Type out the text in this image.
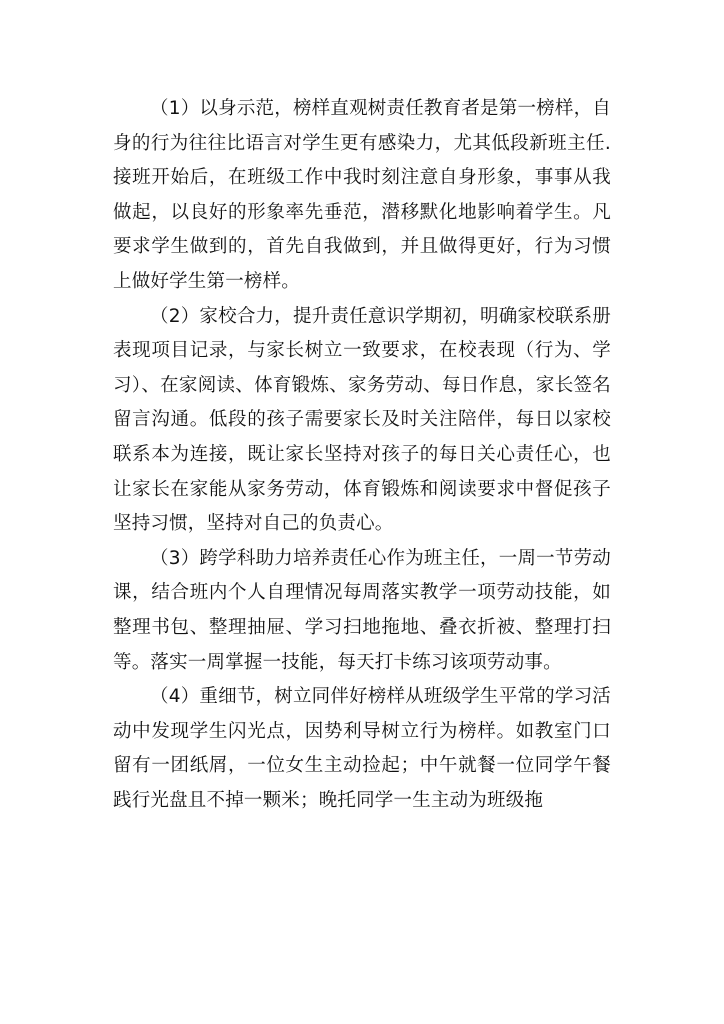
（1）以身示范，榜样直观树责任教育者是第一榜样，自身的行为往往比语言对学生更有感染力，尤其低段新班主任.接班开始后，在班级工作中我时刻注意自身形象，事事从我做起，以良好的形象率先垂范，潜移默化地影响着学生。凡要求学生做到的，首先自我做到，并且做得更好，行为习惯上做好学生第一榜样。

（2）家校合力，提升责任意识学期初，明确家校联系册表现项目记录，与家长树立一致要求，在校表现（行为、学习）、在家阅读、体育锻炼、家务劳动、每日作息，家长签名留言沟通。低段的孩子需要家长及时关注陪伴，每日以家校联系本为连接，既让家长坚持对孩子的每日关心责任心，也让家长在家能从家务劳动，体育锻炼和阅读要求中督促孩子坚持习惯，坚持对自己的负责心。

（3）跨学科助力培养责任心作为班主任，一周一节劳动课，结合班内个人自理情况每周落实教学一项劳动技能，如整理书包、整理抽屉、学习扫地拖地、叠衣折被、整理打扫等。落实一周掌握一技能，每天打卡练习该项劳动事。

（4）重细节，树立同伴好榜样从班级学生平常的学习活动中发现学生闪光点，因势利导树立行为榜样。如教室门口留有一团纸屑，一位女生主动捡起；中午就餐一位同学午餐践行光盘且不掉一颗米；晚托同学一生主动为班级拖
